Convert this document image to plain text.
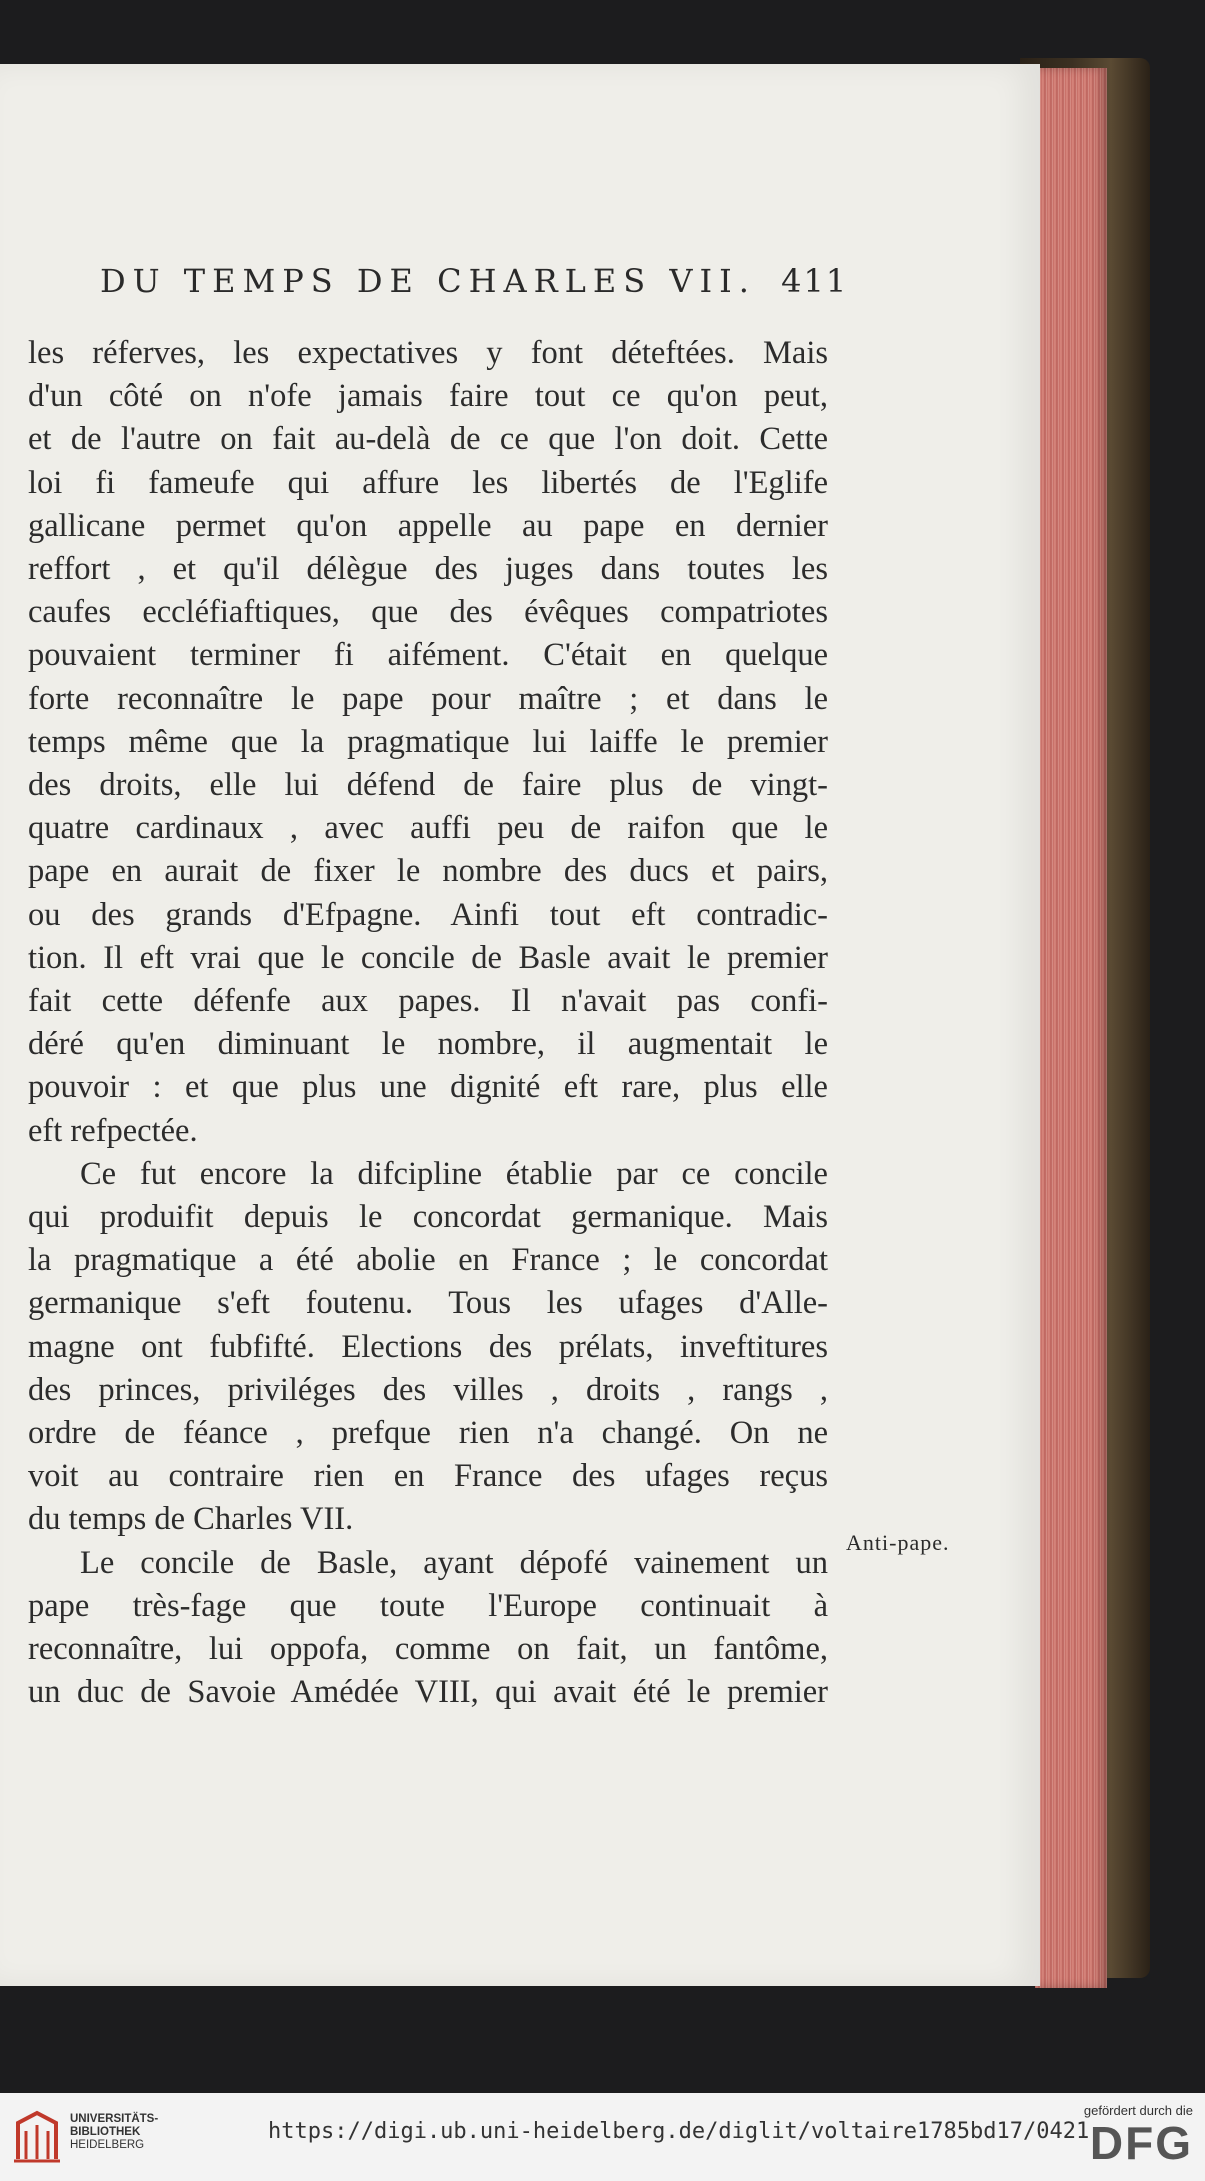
DU TEMPS DE CHARLES VII. 411
les réferves, les expectatives y font déteftées. Mais
d'un côté on n'ofe jamais faire tout ce qu'on peut,
et de l'autre on fait au-delà de ce que l'on doit. Cette
loi fi fameufe qui affure les libertés de l'Eglife
gallicane permet qu'on appelle au pape en dernier
reffort , et qu'il délègue des juges dans toutes les
caufes eccléfiaftiques, que des évêques compatriotes
pouvaient terminer fi aifément. C'était en quelque
forte reconnaître le pape pour maître ; et dans le
temps même que la pragmatique lui laiffe le premier
des droits, elle lui défend de faire plus de vingt-
quatre cardinaux , avec auffi peu de raifon que le
pape en aurait de fixer le nombre des ducs et pairs,
ou des grands d'Efpagne. Ainfi tout eft contradic-
tion. Il eft vrai que le concile de Basle avait le premier
fait cette défenfe aux papes. Il n'avait pas confi-
déré qu'en diminuant le nombre, il augmentait le
pouvoir : et que plus une dignité eft rare, plus elle
eft refpectée.
Ce fut encore la difcipline établie par ce concile
qui produifit depuis le concordat germanique. Mais
la pragmatique a été abolie en France ; le concordat
germanique s'eft foutenu. Tous les ufages d'Alle-
magne ont fubfifté. Elections des prélats, inveftitures
des princes, priviléges des villes , droits , rangs ,
ordre de féance , prefque rien n'a changé. On ne
voit au contraire rien en France des ufages reçus
du temps de Charles VII.
Le concile de Basle, ayant dépofé vainement un
pape très-fage que toute l'Europe continuait à
reconnaître, lui oppofa, comme on fait, un fantôme,
un duc de Savoie Amédée VIII, qui avait été le premier
Anti-pape.
UNIVERSITÄTS-
BIBLIOTHEK
HEIDELBERG
https://digi.ub.uni-heidelberg.de/diglit/voltaire1785bd17/0421
gefördert durch die
DFG
